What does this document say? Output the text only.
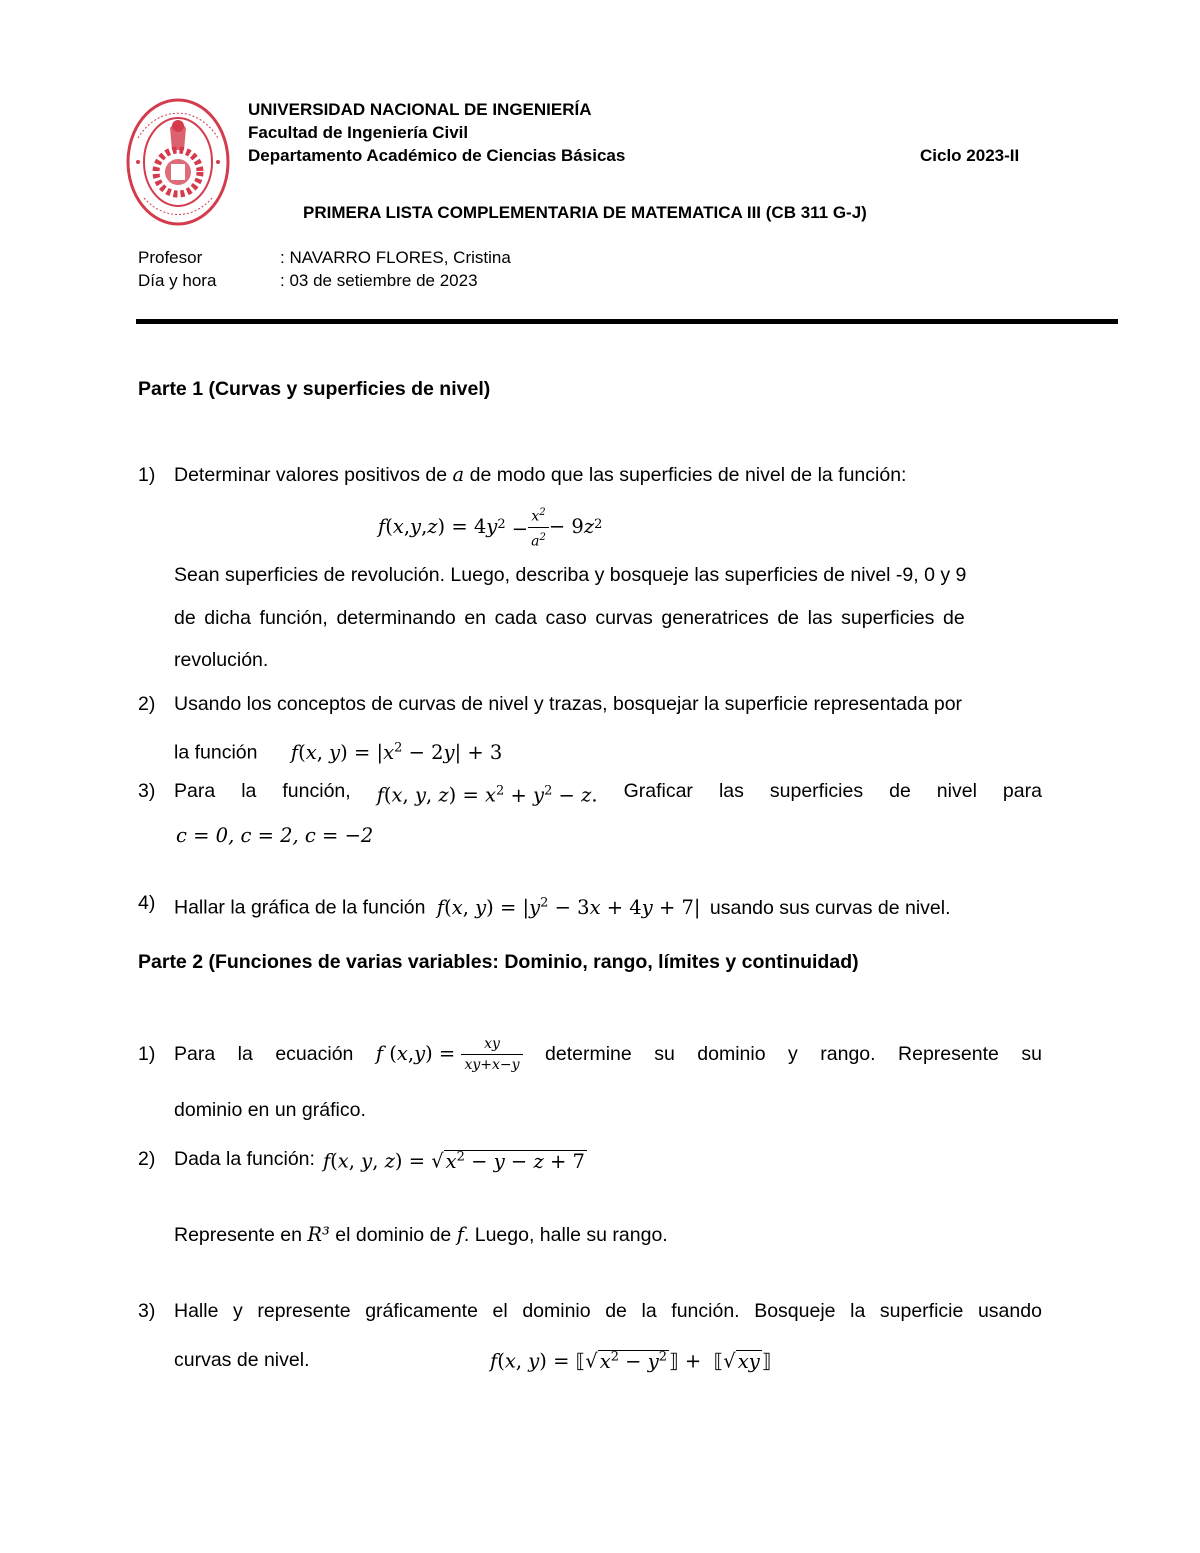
UNIVERSIDAD NACIONAL DE INGENIERÍA
Facultad de Ingeniería Civil
Departamento Académico de Ciencias Básicas	Ciclo 2023-II
PRIMERA LISTA COMPLEMENTARIA DE MATEMATICA III (CB 311 G-J)
Profesor	: NAVARRO FLORES, Cristina
Día y hora	: 03 de setiembre de 2023
Parte 1 (Curvas y superficies de nivel)
1) Determinar valores positivos de a de modo que las superficies de nivel de la función:
f ( x , y , z ) = 4 y $^2 - \frac{x^2}{a^2} - 9$ z $^2$
Sean superficies de revolución. Luego, describa y bosqueje las superficies de nivel -9, 0 y 9
de dicha función, determinando en cada caso curvas generatrices de las superficies de
revolución.
2) Usando los conceptos de curvas de nivel y trazas, bosquejar la superficie representada por
la función f(x, $y) = |x^2 - 2y| + 3$
3) Para la función, f(x, y, $z) = x^2 + y^2 - z$. Graficar las superficies de nivel para
c = 0, c = 2, c = −2
4) Hallar la gráfica de la función f(x, $y) = |y^2 - 3x + 4y + 7|$ usando sus curvas de nivel.
Parte 2 (Funciones de varias variables: Dominio, rango, límites y continuidad)
1) Para la ecuación f ( x , y ) = $\frac{xy}{xy+x-y}$ determine su dominio y rango. Represente su
dominio en un gráfico.
2) Dada la función: f(x, y, z) = √ $x^2 - y - z + 7$
Represente en R³ el dominio de f. Luego, halle su rango.
3) Halle y represente gráficamente el dominio de la función. Bosqueje la superficie usando
curvas de nivel.	f(x, y) = ⟦√ $x^2 - y^2$ ⟧ +  ⟦√ xy ⟧
